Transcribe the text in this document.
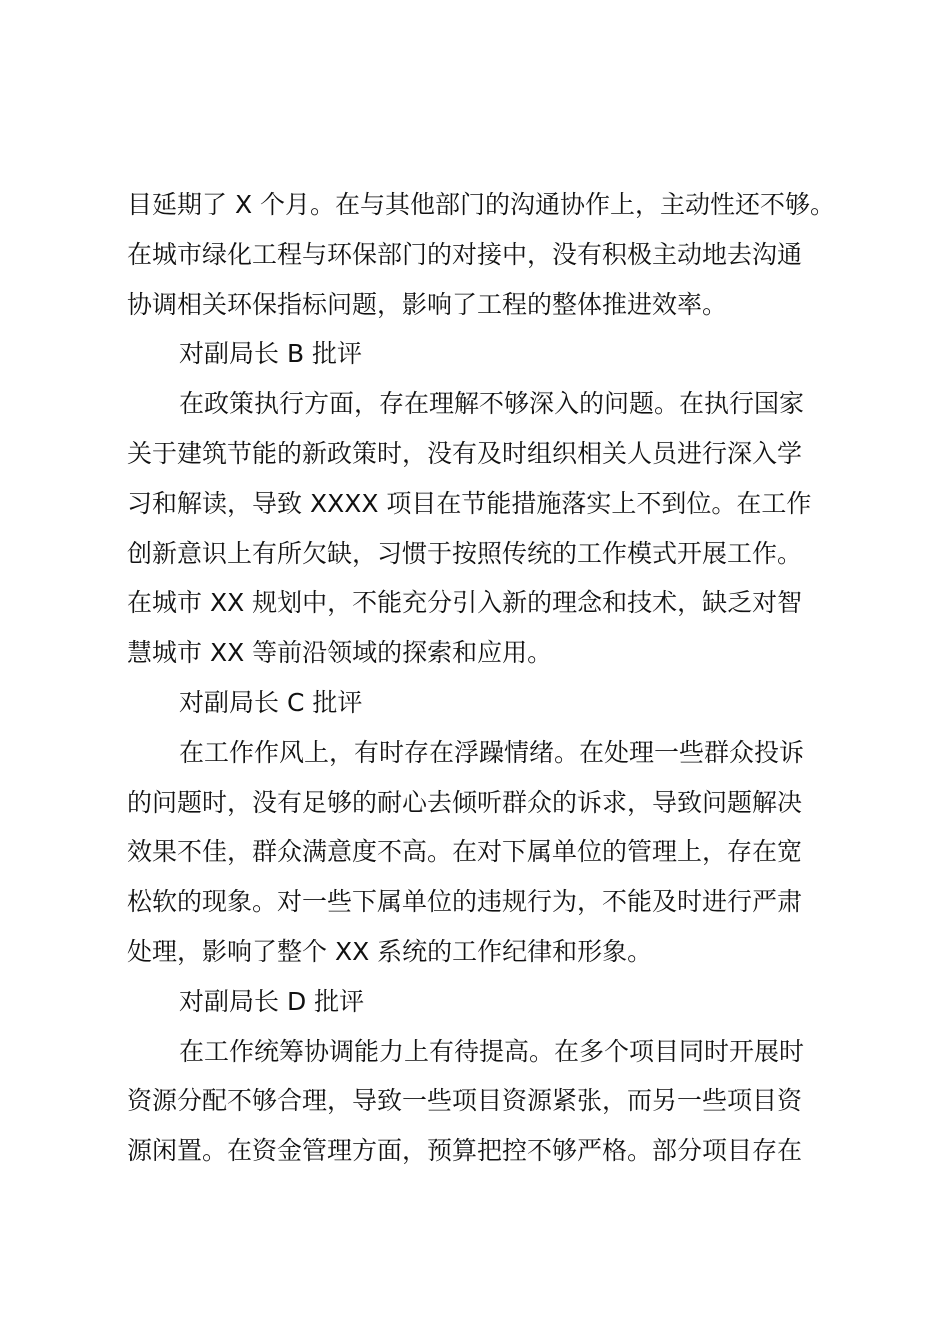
目延期了 X 个月。在与其他部门的沟通协作上，主动性还不够。
在城市绿化工程与环保部门的对接中，没有积极主动地去沟通
协调相关环保指标问题，影响了工程的整体推进效率。
对副局长 B 批评
在政策执行方面，存在理解不够深入的问题。在执行国家
关于建筑节能的新政策时，没有及时组织相关人员进行深入学
习和解读，导致 XXXX 项目在节能措施落实上不到位。在工作
创新意识上有所欠缺，习惯于按照传统的工作模式开展工作。
在城市 XX 规划中，不能充分引入新的理念和技术，缺乏对智
慧城市 XX 等前沿领域的探索和应用。
对副局长 C 批评
在工作作风上，有时存在浮躁情绪。在处理一些群众投诉
的问题时，没有足够的耐心去倾听群众的诉求，导致问题解决
效果不佳，群众满意度不高。在对下属单位的管理上，存在宽
松软的现象。对一些下属单位的违规行为，不能及时进行严肃
处理，影响了整个 XX 系统的工作纪律和形象。
对副局长 D 批评
在工作统筹协调能力上有待提高。在多个项目同时开展时
资源分配不够合理，导致一些项目资源紧张，而另一些项目资
源闲置。在资金管理方面，预算把控不够严格。部分项目存在
